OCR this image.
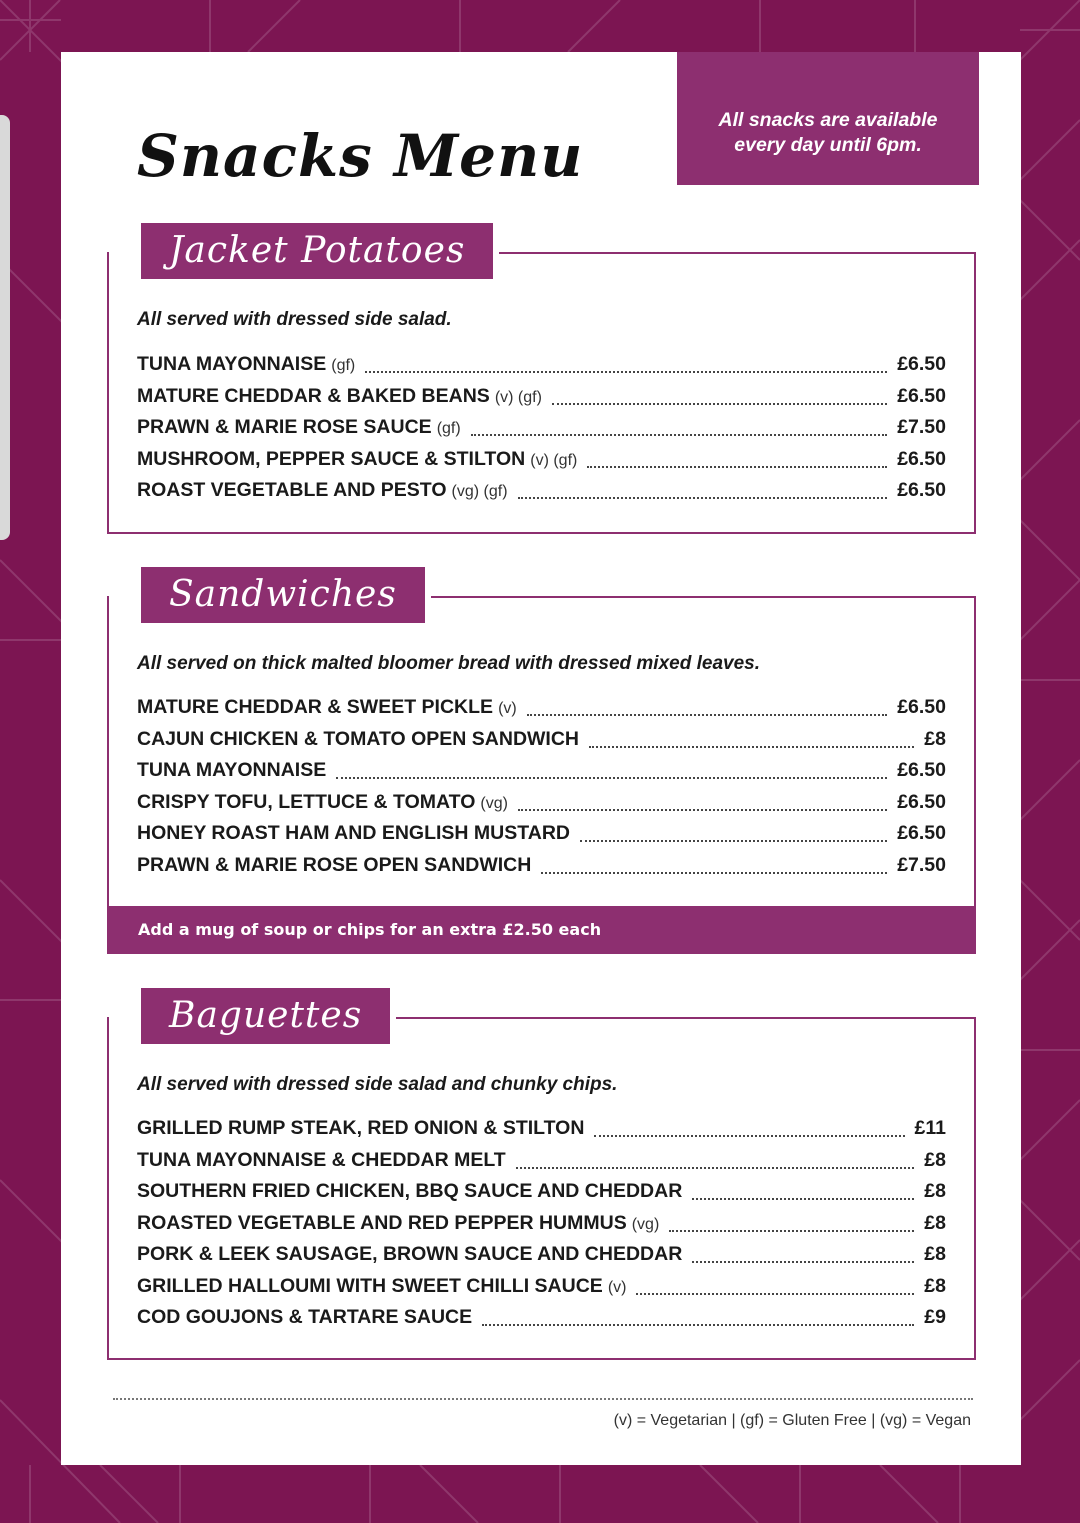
Snacks Menu
All snacks are available
every day until 6pm.
Jacket Potatoes
All served with dressed side salad.
TUNA MAYONNAISE (gf)	£6.50
MATURE CHEDDAR & BAKED BEANS (v) (gf)	£6.50
PRAWN & MARIE ROSE SAUCE (gf)	£7.50
MUSHROOM, PEPPER SAUCE & STILTON (v) (gf)	£6.50
ROAST VEGETABLE AND PESTO (vg) (gf)	£6.50
Sandwiches
All served on thick malted bloomer bread with dressed mixed leaves.
MATURE CHEDDAR & SWEET PICKLE (v)	£6.50
CAJUN CHICKEN & TOMATO OPEN SANDWICH	£8
TUNA MAYONNAISE	£6.50
CRISPY TOFU, LETTUCE & TOMATO (vg)	£6.50
HONEY ROAST HAM AND ENGLISH MUSTARD	£6.50
PRAWN & MARIE ROSE OPEN SANDWICH	£7.50
Add a mug of soup or chips for an extra £2.50 each
Baguettes
All served with dressed side salad and chunky chips.
GRILLED RUMP STEAK, RED ONION & STILTON	£11
TUNA MAYONNAISE & CHEDDAR MELT	£8
SOUTHERN FRIED CHICKEN, BBQ SAUCE AND CHEDDAR	£8
ROASTED VEGETABLE AND RED PEPPER HUMMUS (vg)	£8
PORK & LEEK SAUSAGE, BROWN SAUCE AND CHEDDAR	£8
GRILLED HALLOUMI WITH SWEET CHILLI SAUCE (v)	£8
COD GOUJONS & TARTARE SAUCE	£9
(v) = Vegetarian | (gf) = Gluten Free | (vg) = Vegan
